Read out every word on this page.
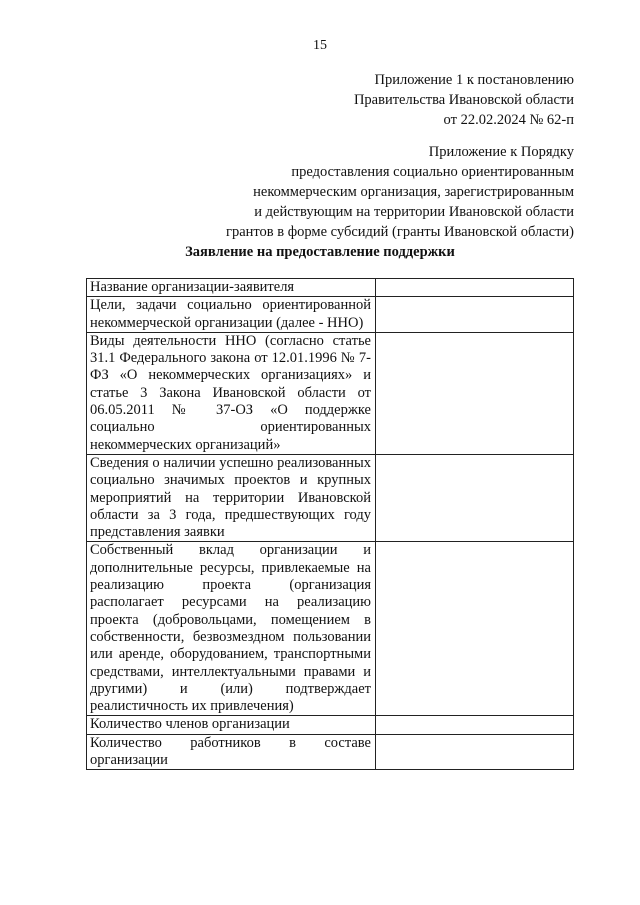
15
Приложение 1 к постановлению
Правительства Ивановской области
от 22.02.2024 № 62-п
Приложение к Порядку
предоставления социально ориентированным
некоммерческим организация, зарегистрированным
и действующим на территории Ивановской области
грантов в форме субсидий (гранты Ивановской области)
Заявление на предоставление поддержки
Название организации-заявителя	
Цели, задачи социально ориентированной некоммерческой организации (далее - ННО)	
Виды деятельности ННО (согласно статье 31.1 Федерального закона от 12.01.1996 № 7-ФЗ «О некоммерческих организациях» и статье 3 Закона Ивановской области от 06.05.2011 № 37-ОЗ «О поддержке социально ориентированных некоммерческих организаций»	
Сведения о наличии успешно реализованных социально значимых проектов и крупных мероприятий на территории Ивановской области за 3 года, предшествующих году представления заявки	
Собственный вклад организации и дополнительные ресурсы, привлекаемые на реализацию проекта (организация располагает ресурсами на реализацию проекта (добровольцами, помещением в собственности, безвозмездном пользовании или аренде, оборудованием, транспортными средствами, интеллектуальными правами и другими) и (или) подтверждает реалистичность их привлечения)	
Количество членов организации	
Количество работников в составе организации	
